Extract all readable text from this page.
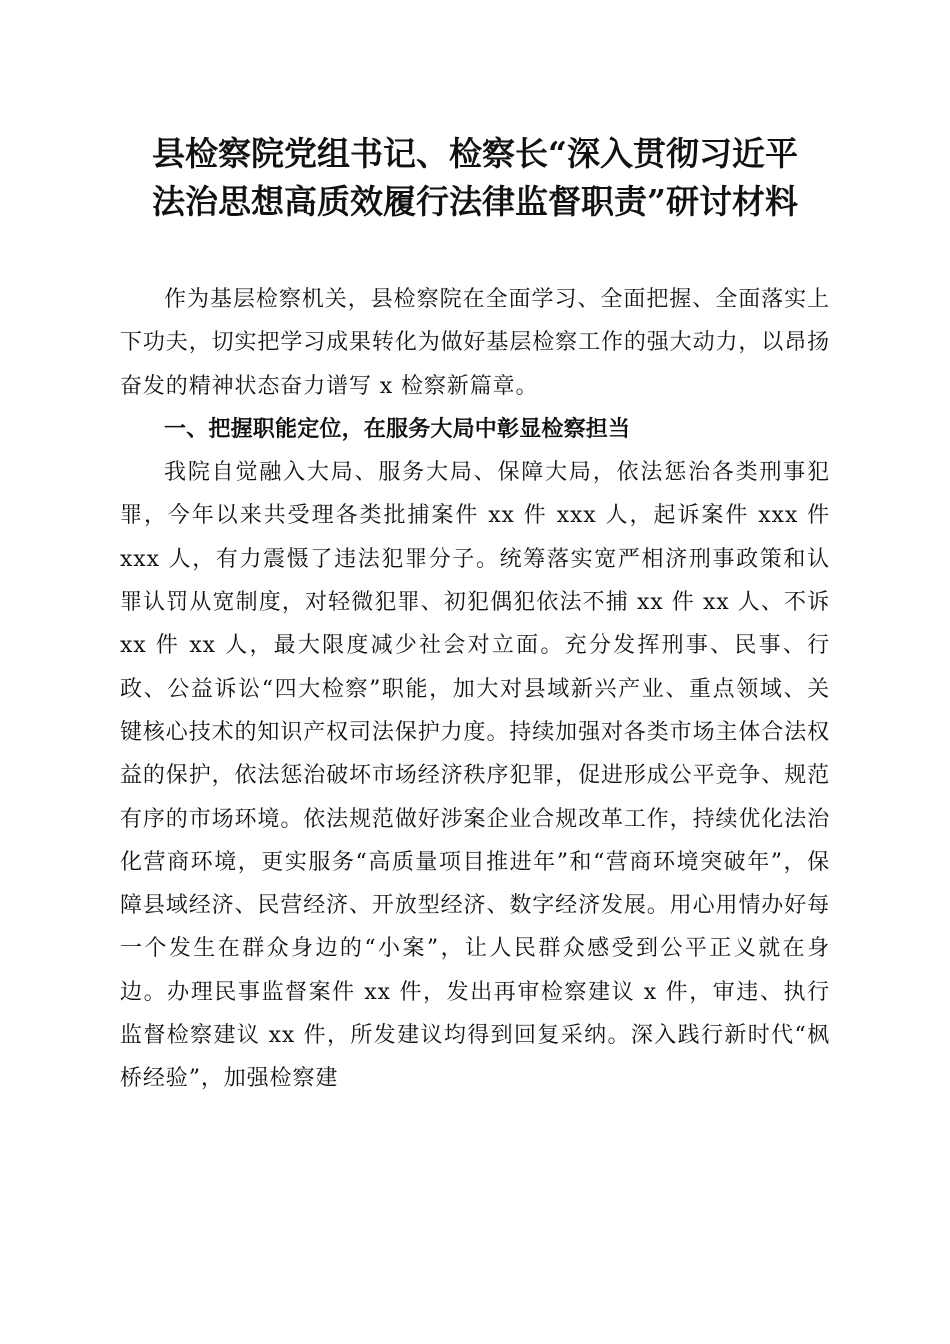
县检察院党组书记、检察长“深入贯彻习近平
法治思想高质效履行法律监督职责”研讨材料

作为基层检察机关，县检察院在全面学习、全面把握、全面落实上下功夫，切实把学习成果转化为做好基层检察工作的强大动力，以昂扬奋发的精神状态奋力谱写 x 检察新篇章。

一、把握职能定位，在服务大局中彰显检察担当

我院自觉融入大局、服务大局、保障大局，依法惩治各类刑事犯罪，今年以来共受理各类批捕案件 xx 件 xxx 人，起诉案件 xxx 件 xxx 人，有力震慑了违法犯罪分子。统筹落实宽严相济刑事政策和认罪认罚从宽制度，对轻微犯罪、初犯偶犯依法不捕 xx 件 xx 人、不诉 xx 件 xx 人，最大限度减少社会对立面。充分发挥刑事、民事、行政、公益诉讼“四大检察”职能，加大对县域新兴产业、重点领域、关键核心技术的知识产权司法保护力度。持续加强对各类市场主体合法权益的保护，依法惩治破坏市场经济秩序犯罪，促进形成公平竞争、规范有序的市场环境。依法规范做好涉案企业合规改革工作，持续优化法治化营商环境，更实服务“高质量项目推进年”和“营商环境突破年”，保障县域经济、民营经济、开放型经济、数字经济发展。用心用情办好每一个发生在群众身边的“小案”，让人民群众感受到公平正义就在身边。办理民事监督案件 xx 件，发出再审检察建议 x 件，审违、执行监督检察建议 xx 件，所发建议均得到回复采纳。深入践行新时代“枫桥经验”，加强检察建
